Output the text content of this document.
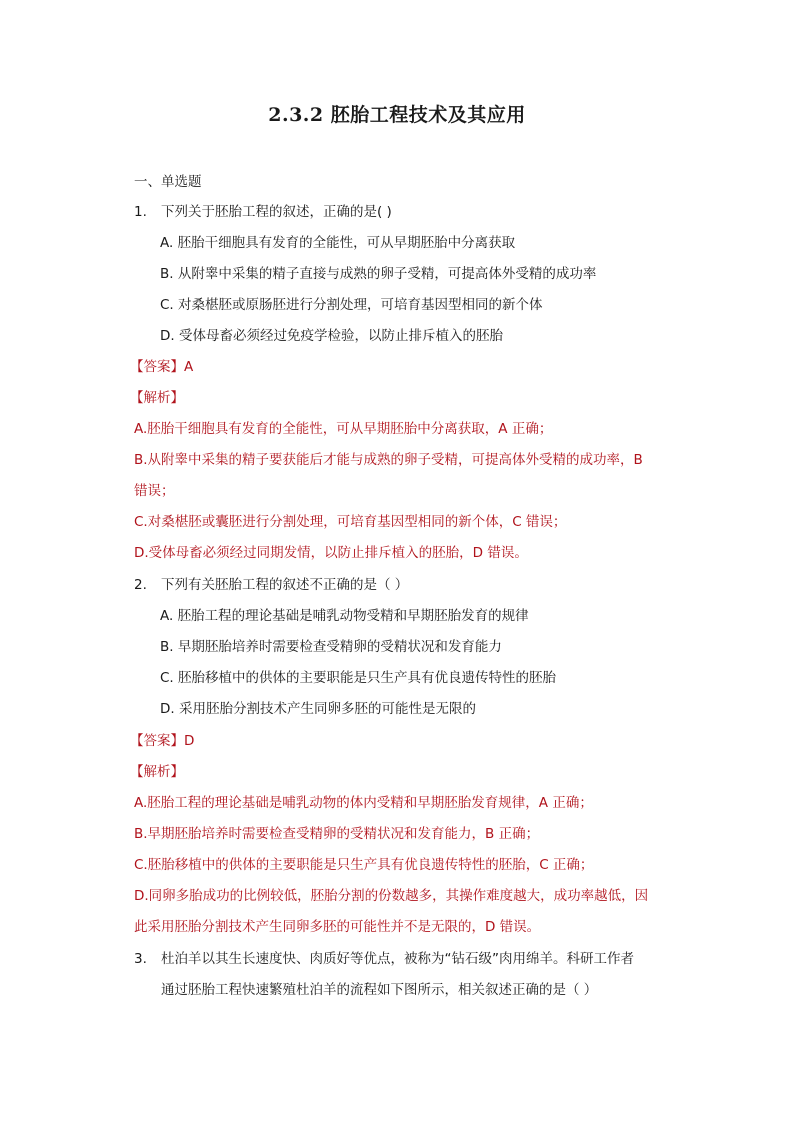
2.3.2 胚胎工程技术及其应用
一、单选题
1. 下列关于胚胎工程的叙述，正确的是( )
A. 胚胎干细胞具有发育的全能性，可从早期胚胎中分离获取
B. 从附睾中采集的精子直接与成熟的卵子受精，可提高体外受精的成功率
C. 对桑椹胚或原肠胚进行分割处理，可培育基因型相同的新个体
D. 受体母畜必须经过免疫学检验，以防止排斥植入的胚胎
【答案】A
【解析】
A.胚胎干细胞具有发育的全能性，可从早期胚胎中分离获取，A 正确；
B.从附睾中采集的精子要获能后才能与成熟的卵子受精，可提高体外受精的成功率，B
错误；
C.对桑椹胚或囊胚进行分割处理，可培育基因型相同的新个体，C 错误；
D.受体母畜必须经过同期发情，以防止排斥植入的胚胎，D 错误。
2. 下列有关胚胎工程的叙述不正确的是（ ）
A. 胚胎工程的理论基础是哺乳动物受精和早期胚胎发育的规律
B. 早期胚胎培养时需要检查受精卵的受精状况和发育能力
C. 胚胎移植中的供体的主要职能是只生产具有优良遗传特性的胚胎
D. 采用胚胎分割技术产生同卵多胚的可能性是无限的
【答案】D
【解析】
A.胚胎工程的理论基础是哺乳动物的体内受精和早期胚胎发育规律，A 正确；
B.早期胚胎培养时需要检查受精卵的受精状况和发育能力，B 正确；
C.胚胎移植中的供体的主要职能是只生产具有优良遗传特性的胚胎，C 正确；
D.同卵多胎成功的比例较低，胚胎分割的份数越多，其操作难度越大，成功率越低，因
此采用胚胎分割技术产生同卵多胚的可能性并不是无限的，D 错误。
3. 杜泊羊以其生长速度快、肉质好等优点，被称为“钻石级”肉用绵羊。科研工作者
通过胚胎工程快速繁殖杜泊羊的流程如下图所示，相关叙述正确的是（ ）
